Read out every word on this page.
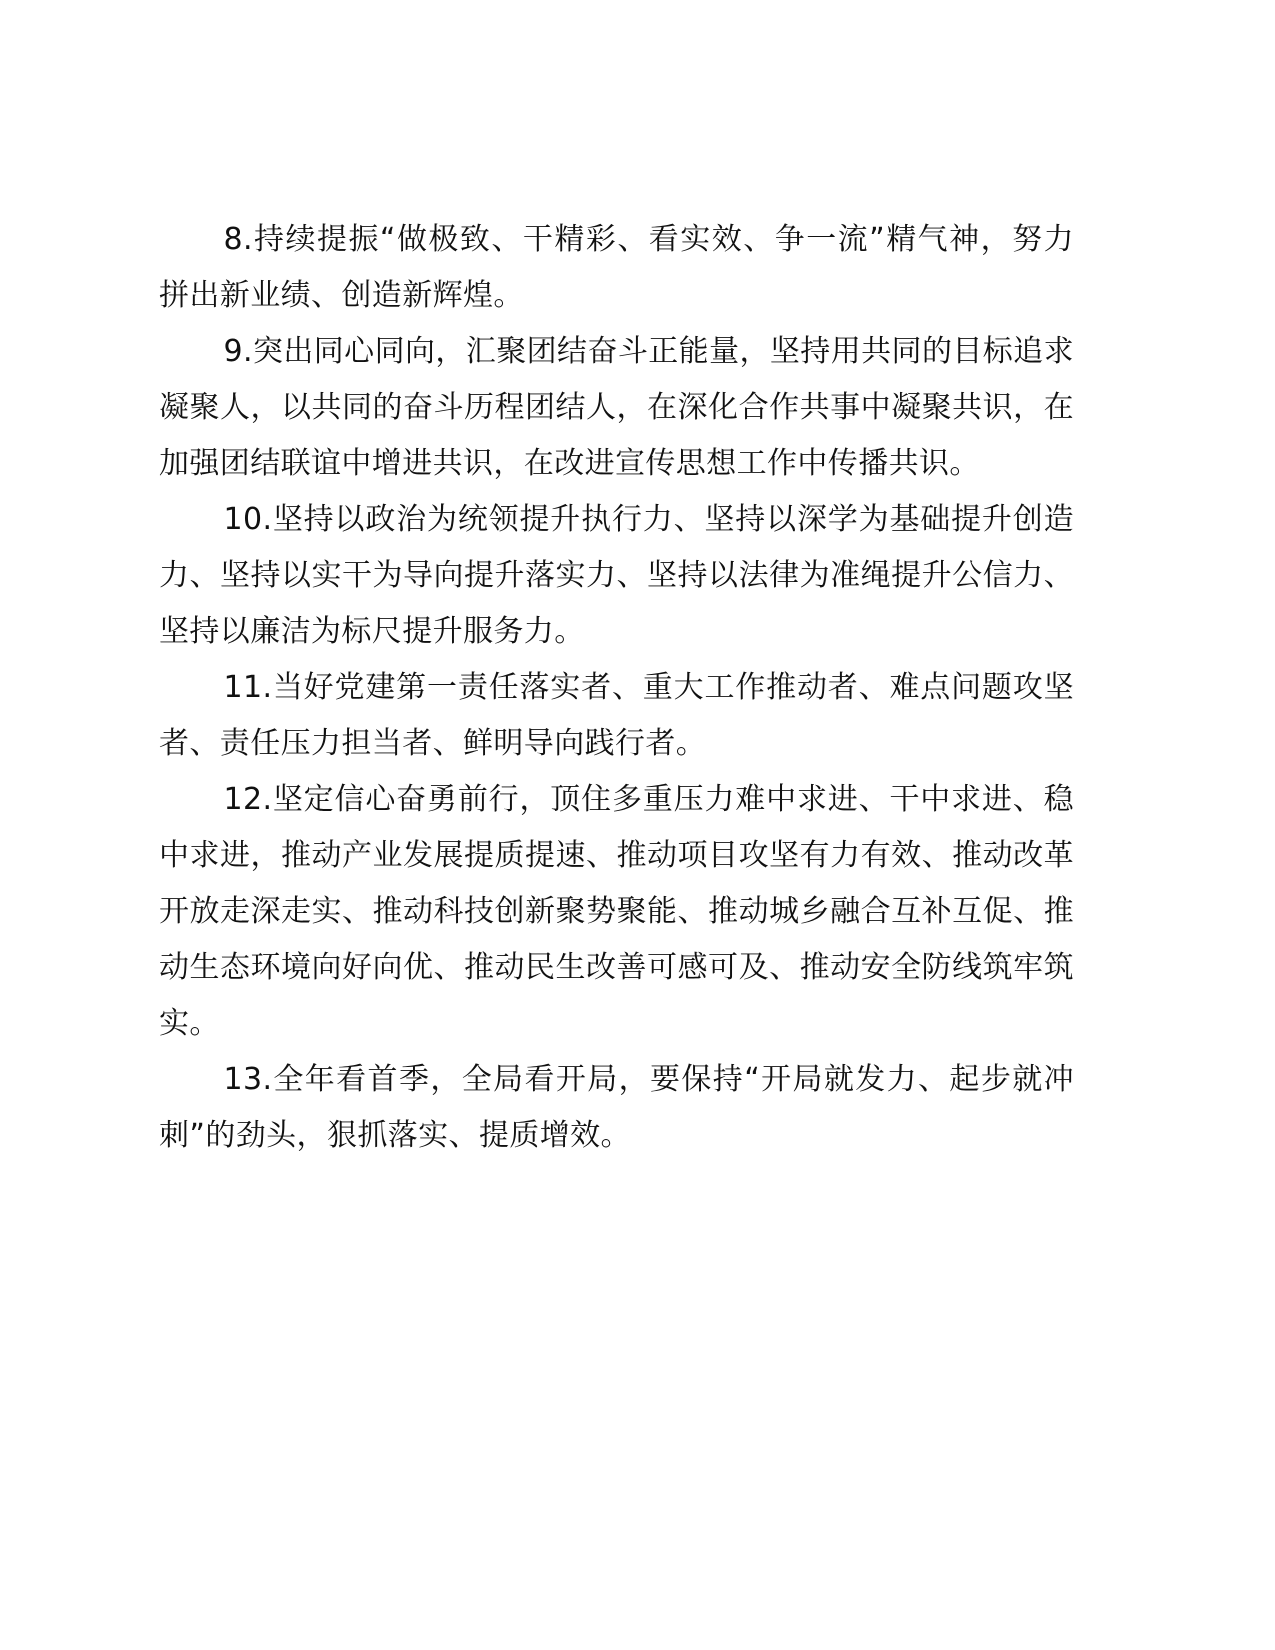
8.持续提振“做极致、干精彩、看实效、争一流”精气神，努力拼出新业绩、创造新辉煌。

9.突出同心同向，汇聚团结奋斗正能量，坚持用共同的目标追求凝聚人，以共同的奋斗历程团结人，在深化合作共事中凝聚共识，在加强团结联谊中增进共识，在改进宣传思想工作中传播共识。

10.坚持以政治为统领提升执行力、坚持以深学为基础提升创造力、坚持以实干为导向提升落实力、坚持以法律为准绳提升公信力、坚持以廉洁为标尺提升服务力。

11.当好党建第一责任落实者、重大工作推动者、难点问题攻坚者、责任压力担当者、鲜明导向践行者。

12.坚定信心奋勇前行，顶住多重压力难中求进、干中求进、稳中求进，推动产业发展提质提速、推动项目攻坚有力有效、推动改革开放走深走实、推动科技创新聚势聚能、推动城乡融合互补互促、推动生态环境向好向优、推动民生改善可感可及、推动安全防线筑牢筑实。

13.全年看首季，全局看开局，要保持“开局就发力、起步就冲刺”的劲头，狠抓落实、提质增效。
